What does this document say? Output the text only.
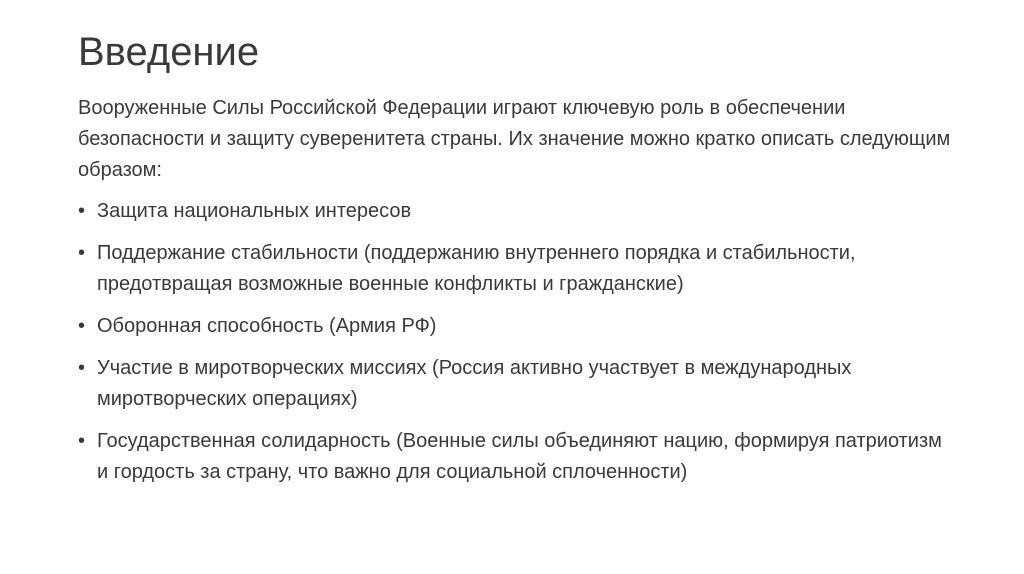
Введение

Вооруженные Силы Российской Федерации играют ключевую роль в обеспечении безопасности и защиту суверенитета страны. Их значение можно кратко описать следующим образом:

• Защита национальных интересов
• Поддержание стабильности (поддержанию внутреннего порядка и стабильности, предотвращая возможные военные конфликты и гражданские)
• Оборонная способность (Армия РФ)
• Участие в миротворческих миссиях (Россия активно участвует в международных миротворческих операциях)
• Государственная солидарность (Военные силы объединяют нацию, формируя патриотизм и гордость за страну, что важно для социальной сплоченности)
